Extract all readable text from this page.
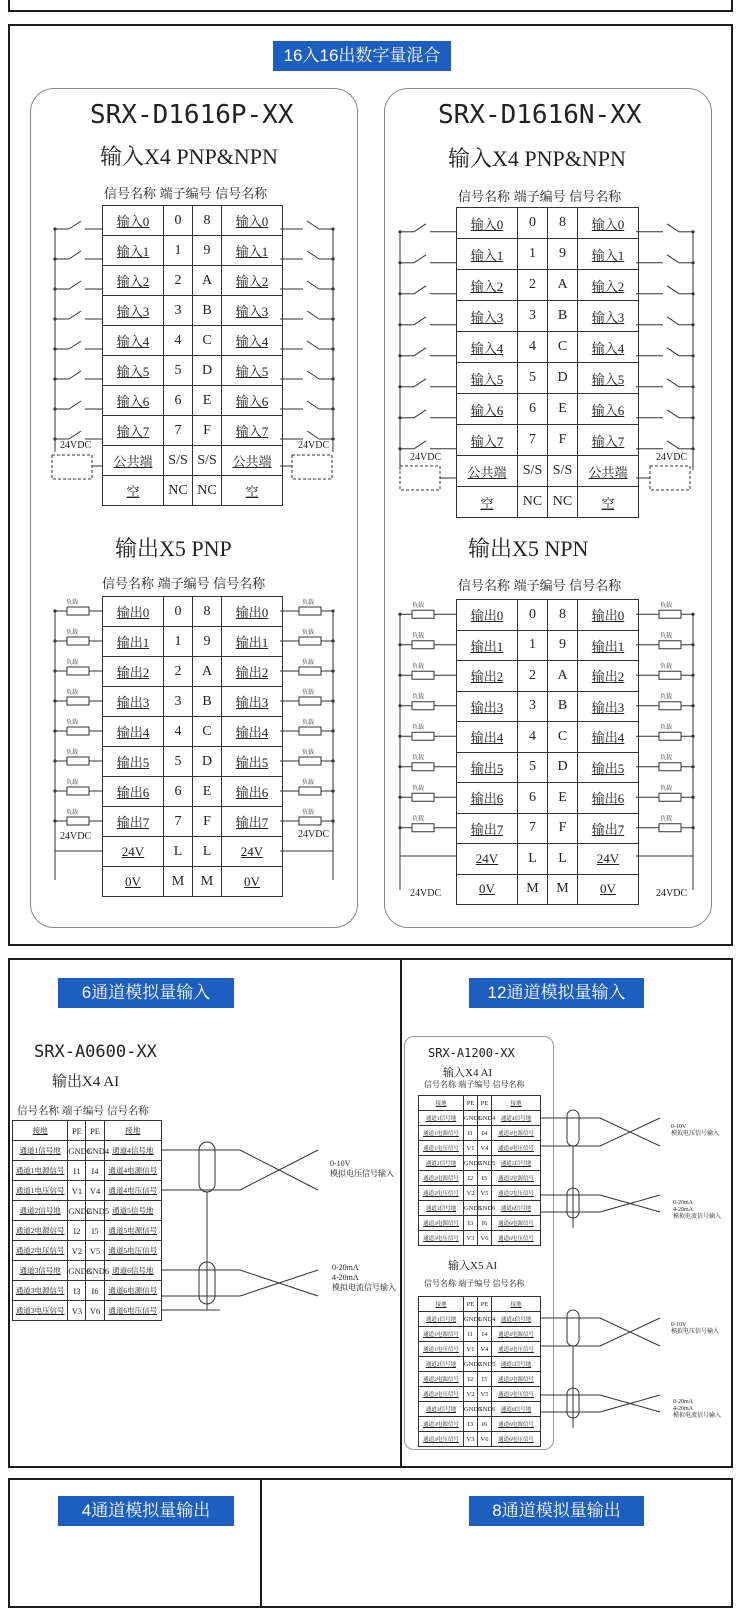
16入16出数字量混合
SRX-D1616P-XX
输入X4 PNP&NPN
输出X5 PNP
SRX-D1616N-XX
输入X4 PNP&NPN
输出X5 NPN
信号名称 端子编号 信号名称	信号名称 端子编号 信号名称
信号名称 端子编号 信号名称	信号名称 端子编号 信号名称
输入0	0	8	输入0
输入1	1	9	输入1
输入2	2	A	输入2
输入3	3	B	输入3
输入4	4	C	输入4
输入5	5	D	输入5
输入6	6	E	输入6
输入7	7	F	输入7
公共端	S/S	S/S	公共端
空	NC	NC	空
输入0	0	8	输入0
输入1	1	9	输入1
输入2	2	A	输入2
输入3	3	B	输入3
输入4	4	C	输入4
输入5	5	D	输入5
输入6	6	E	输入6
输入7	7	F	输入7
公共端	S/S	S/S	公共端
空	NC	NC	空
输出0	0	8	输出0
输出1	1	9	输出1
输出2	2	A	输出2
输出3	3	B	输出3
输出4	4	C	输出4
输出5	5	D	输出5
输出6	6	E	输出6
输出7	7	F	输出7
24V	L	L	24V
0V	M	M	0V
输出0	0	8	输出0
输出1	1	9	输出1
输出2	2	A	输出2
输出3	3	B	输出3
输出4	4	C	输出4
输出5	5	D	输出5
输出6	6	E	输出6
输出7	7	F	输出7
24V	L	L	24V
0V	M	M	0V
负载	负载	负载	负载
负载	负载
负载	负载
负载	负载
负载	负载
负载	负载
负载	负载
负载	负载
负载	负载
负载	负载
负载	负载
负载	负载
负载	负载
负载	负载
负载	负载
24VDC	24VDC
24VDC	24VDC
24VDC	24VDC
24VDC	24VDC
6通道模拟量输入	12通道模拟量输入
SRX-A0600-XX
输出X4 AI
信号名称 端子编号 信号名称
接地	PE	PE	接地
通道1信号地	GND1	GND4	通道4信号地
通道1电源信号	I1	I4	通道4电源信号
通道1电压信号	V1	V4	通道4电压信号
通道2信号地	GND2	GND5	通道5信号地
通道2电源信号	I2	I5	通道5电源信号
通道2电压信号	V2	V5	通道5电压信号
通道3信号地	GND3	GND6	通道6信号地
通道3电源信号	I3	I6	通道6电源信号
通道3电压信号	V3	V6	通道6电压信号
0-10V
模拟电压信号输入
0-20mA
4-20mA
模拟电流信号输入
SRX-A1200-XX
输入X4 AI
信号名称 端子编号 信号名称
接地	PE	PE	接地
通道1信号地	GND1	GND4	通道4信号地
通道1电源信号	I1	I4	通道4电源信号
通道1电压信号	V1	V4	通道4电压信号
通道2信号地	GND2	GND5	通道5信号地
通道2电源信号	I2	I5	通道5电源信号
通道2电压信号	V2	V5	通道5电压信号
通道3信号地	GND3	GND6	通道6信号地
通道3电源信号	I3	I6	通道6电源信号
通道3电压信号	V3	V6	通道6电压信号
输入X5 AI
信号名称 端子编号 信号名称
接地	PE	PE	接地
通道1信号地	GND1	GND4	通道4信号地
通道1电源信号	I1	I4	通道4电源信号
通道1电压信号	V1	V4	通道4电压信号
通道2信号地	GND2	GND5	通道5信号地
通道2电源信号	I2	I5	通道5电源信号
通道2电压信号	V2	V5	通道5电压信号
通道3信号地	GND3	GND6	通道6信号地
通道3电源信号	I3	I6	通道6电源信号
通道3电压信号	V3	V6	通道6电压信号
0-10V
模拟电压信号输入
0-20mA
4-20mA
模拟电流信号输入
0-10V
模拟电压信号输入
0-20mA
4-20mA
模拟电流信号输入
4通道模拟量输出	8通道模拟量输出
